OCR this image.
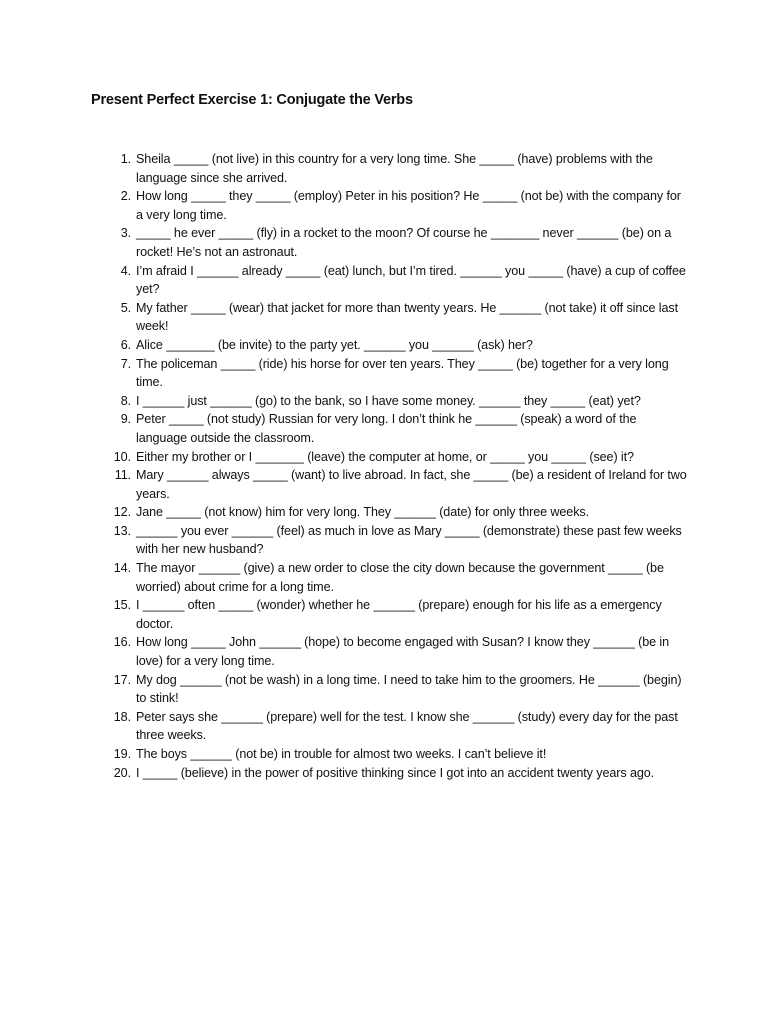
Present Perfect Exercise 1: Conjugate the Verbs
1. Sheila _____ (not live) in this country for a very long time. She _____ (have) problems with the language since she arrived.
2. How long _____ they _____ (employ) Peter in his position? He _____ (not be) with the company for a very long time.
3. _____ he ever _____ (fly) in a rocket to the moon? Of course he _______ never ______ (be) on a rocket! He’s not an astronaut.
4. I’m afraid I ______ already _____ (eat) lunch, but I’m tired. ______ you _____ (have) a cup of coffee yet?
5. My father _____ (wear) that jacket for more than twenty years. He ______ (not take) it off since last week!
6. Alice _______ (be invite) to the party yet. ______ you ______ (ask) her?
7. The policeman _____ (ride) his horse for over ten years. They _____ (be) together for a very long time.
8. I ______ just ______ (go) to the bank, so I have some money. ______ they _____ (eat) yet?
9. Peter _____ (not study) Russian for very long. I don’t think he ______ (speak) a word of the language outside the classroom.
10. Either my brother or I _______ (leave) the computer at home, or _____ you _____ (see) it?
11. Mary ______ always _____ (want) to live abroad. In fact, she _____ (be) a resident of Ireland for two years.
12. Jane _____ (not know) him for very long. They ______ (date) for only three weeks.
13. ______ you ever ______ (feel) as much in love as Mary _____ (demonstrate) these past few weeks with her new husband?
14. The mayor ______ (give) a new order to close the city down because the government _____ (be worried) about crime for a long time.
15. I ______ often _____ (wonder) whether he ______ (prepare) enough for his life as a emergency doctor.
16. How long _____ John ______ (hope) to become engaged with Susan? I know they ______ (be in love) for a very long time.
17. My dog ______ (not be wash) in a long time. I need to take him to the groomers. He ______ (begin) to stink!
18. Peter says she ______ (prepare) well for the test. I know she ______ (study) every day for the past three weeks.
19. The boys ______ (not be) in trouble for almost two weeks. I can’t believe it!
20. I _____ (believe) in the power of positive thinking since I got into an accident twenty years ago.
